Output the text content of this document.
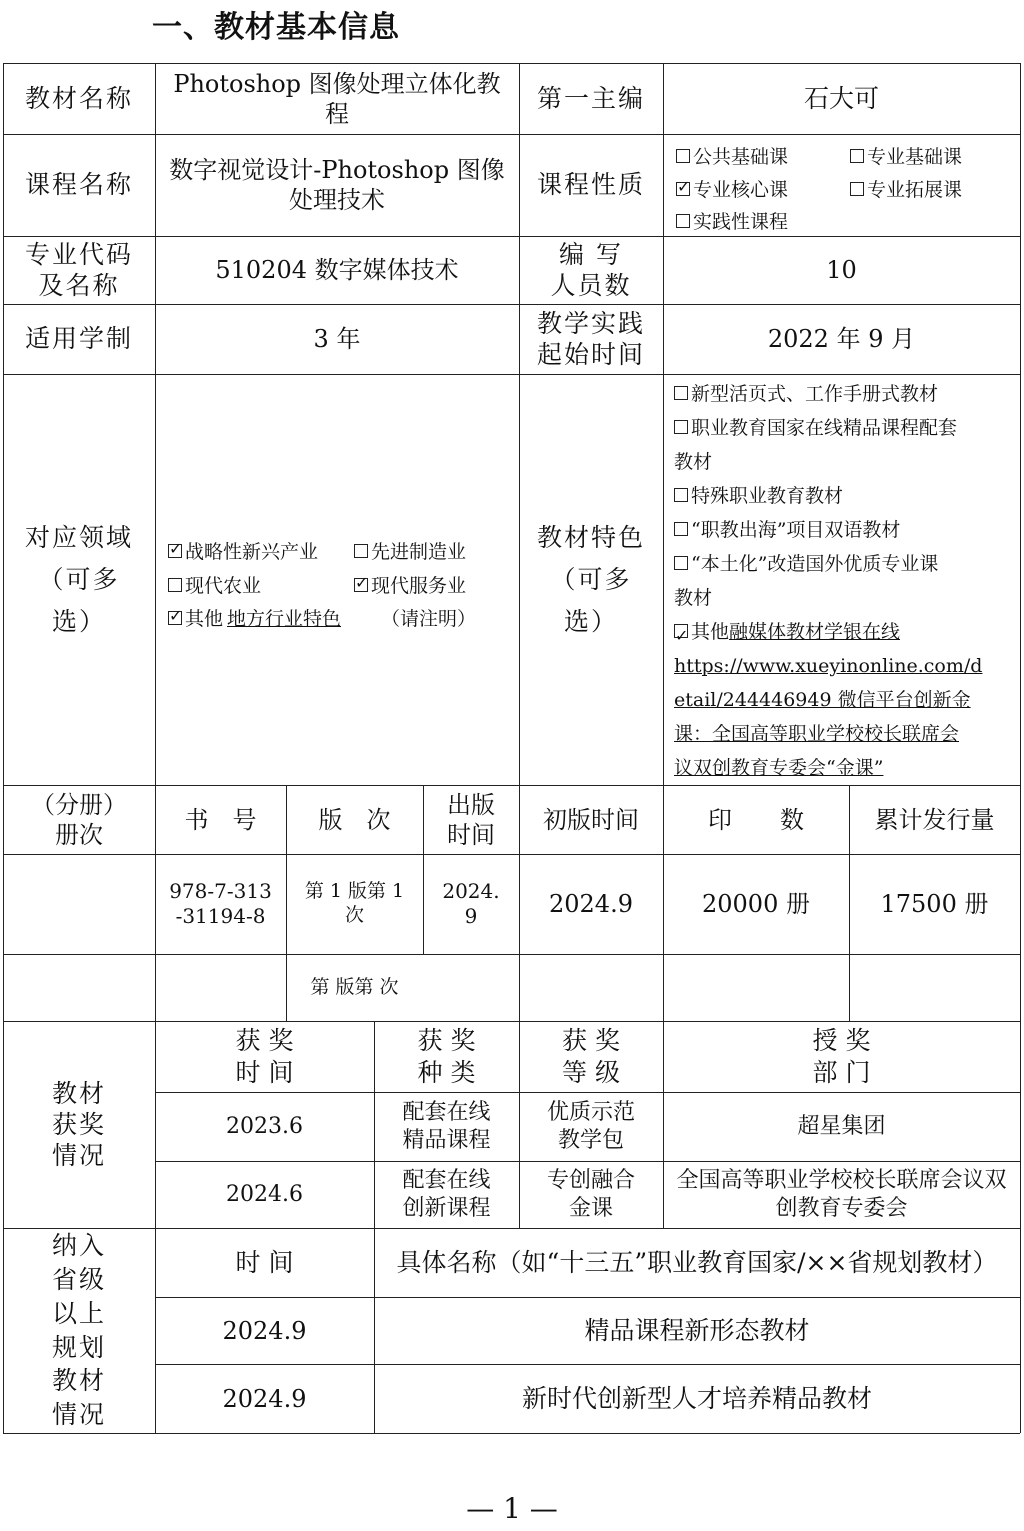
一、教材基本信息
教材名称
Photoshop 图像处理立体化教程
第一主编	石大可
课程名称
数字视觉设计-Photoshop 图像处理技术
课程性质
公共基础课	专业基础课
✓
专业核心课	专业拓展课
实践性课程
专业代码及名称
510204 数字媒体技术
编 写 人员数
10
适用学制	3 年
教学实践起始时间
2022 年 9 月
对应领域
（可多
选）
✓
战略性新兴产业	先进制造业
现代农业
✓	现代服务业
✓
其他 地方行业特色	（请注明）
教材特色
（可多
选）
新型活页式、工作手册式教材
职业教育国家在线精品课程配套
教材
特殊职业教育教材
“职教出海”项目双语教材
“本土化”改造国外优质专业课
教材
✓其他融媒体教材学银在线
https://www.xueyinonline.com/d
etail/244446949 微信平台创新金
课：全国高等职业学校校长联席会
议双创教育专委会“金课”
（分册）册次
书　号	版　次
出版时间
初版时间	印　　数	累计发行量
978-7-313-31194-8
第 1 版第 1 次
2024.9	2024.9	20000 册	17500 册
第 版第 次
教材获奖情况
获 奖 时 间
获 奖 种 类
获 奖 等 级
授 奖 部 门
2023.6
配套在线精品课程
优质示范教学包
超星集团
2024.6
配套在线创新课程
专创融合金课
全国高等职业学校校长联席会议双创教育专委会
纳入省级以上规划教材情况
时 间	具体名称（如“十三五”职业教育国家/××省规划教材）
2024.9	精品课程新形态教材
2024.9	新时代创新型人才培养精品教材
— 1 —
